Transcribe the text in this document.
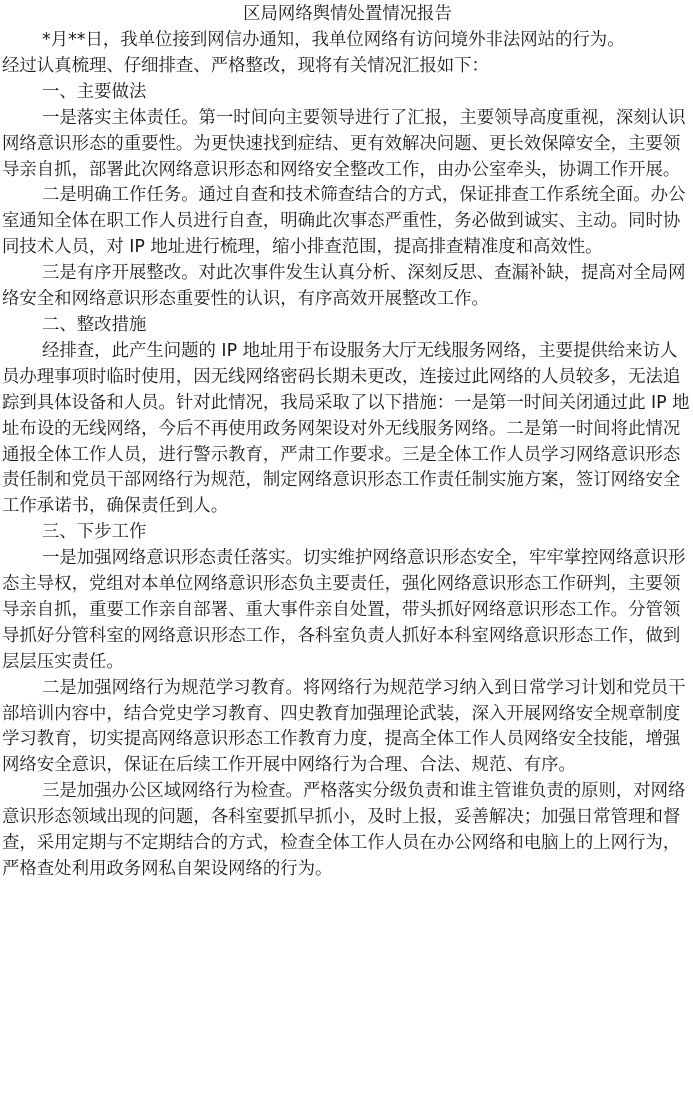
区局网络舆情处置情况报告

*月**日，我单位接到网信办通知，我单位网络有访问境外非法网站的行为。

经过认真梳理、仔细排查、严格整改，现将有关情况汇报如下：

一、主要做法

一是落实主体责任。第一时间向主要领导进行了汇报，主要领导高度重视，深刻认识网络意识形态的重要性。为更快速找到症结、更有效解决问题、更长效保障安全，主要领导亲自抓，部署此次网络意识形态和网络安全整改工作，由办公室牵头，协调工作开展。

二是明确工作任务。通过自查和技术筛查结合的方式，保证排查工作系统全面。办公室通知全体在职工作人员进行自查，明确此次事态严重性，务必做到诚实、主动。同时协同技术人员，对 IP 地址进行梳理，缩小排查范围，提高排查精准度和高效性。

三是有序开展整改。对此次事件发生认真分析、深刻反思、查漏补缺，提高对全局网络安全和网络意识形态重要性的认识，有序高效开展整改工作。

二、整改措施

经排查，此产生问题的 IP 地址用于布设服务大厅无线服务网络，主要提供给来访人员办理事项时临时使用，因无线网络密码长期未更改，连接过此网络的人员较多，无法追踪到具体设备和人员。针对此情况，我局采取了以下措施：一是第一时间关闭通过此 IP 地址布设的无线网络，今后不再使用政务网架设对外无线服务网络。二是第一时间将此情况通报全体工作人员，进行警示教育，严肃工作要求。三是全体工作人员学习网络意识形态责任制和党员干部网络行为规范，制定网络意识形态工作责任制实施方案，签订网络安全工作承诺书，确保责任到人。

三、下步工作

一是加强网络意识形态责任落实。切实维护网络意识形态安全，牢牢掌控网络意识形态主导权，党组对本单位网络意识形态负主要责任，强化网络意识形态工作研判，主要领导亲自抓，重要工作亲自部署、重大事件亲自处置，带头抓好网络意识形态工作。分管领导抓好分管科室的网络意识形态工作，各科室负责人抓好本科室网络意识形态工作，做到层层压实责任。

二是加强网络行为规范学习教育。将网络行为规范学习纳入到日常学习计划和党员干部培训内容中，结合党史学习教育、四史教育加强理论武装，深入开展网络安全规章制度学习教育，切实提高网络意识形态工作教育力度，提高全体工作人员网络安全技能，增强网络安全意识，保证在后续工作开展中网络行为合理、合法、规范、有序。

三是加强办公区域网络行为检查。严格落实分级负责和谁主管谁负责的原则，对网络意识形态领域出现的问题，各科室要抓早抓小，及时上报，妥善解决；加强日常管理和督查，采用定期与不定期结合的方式，检查全体工作人员在办公网络和电脑上的上网行为，严格查处利用政务网私自架设网络的行为。
